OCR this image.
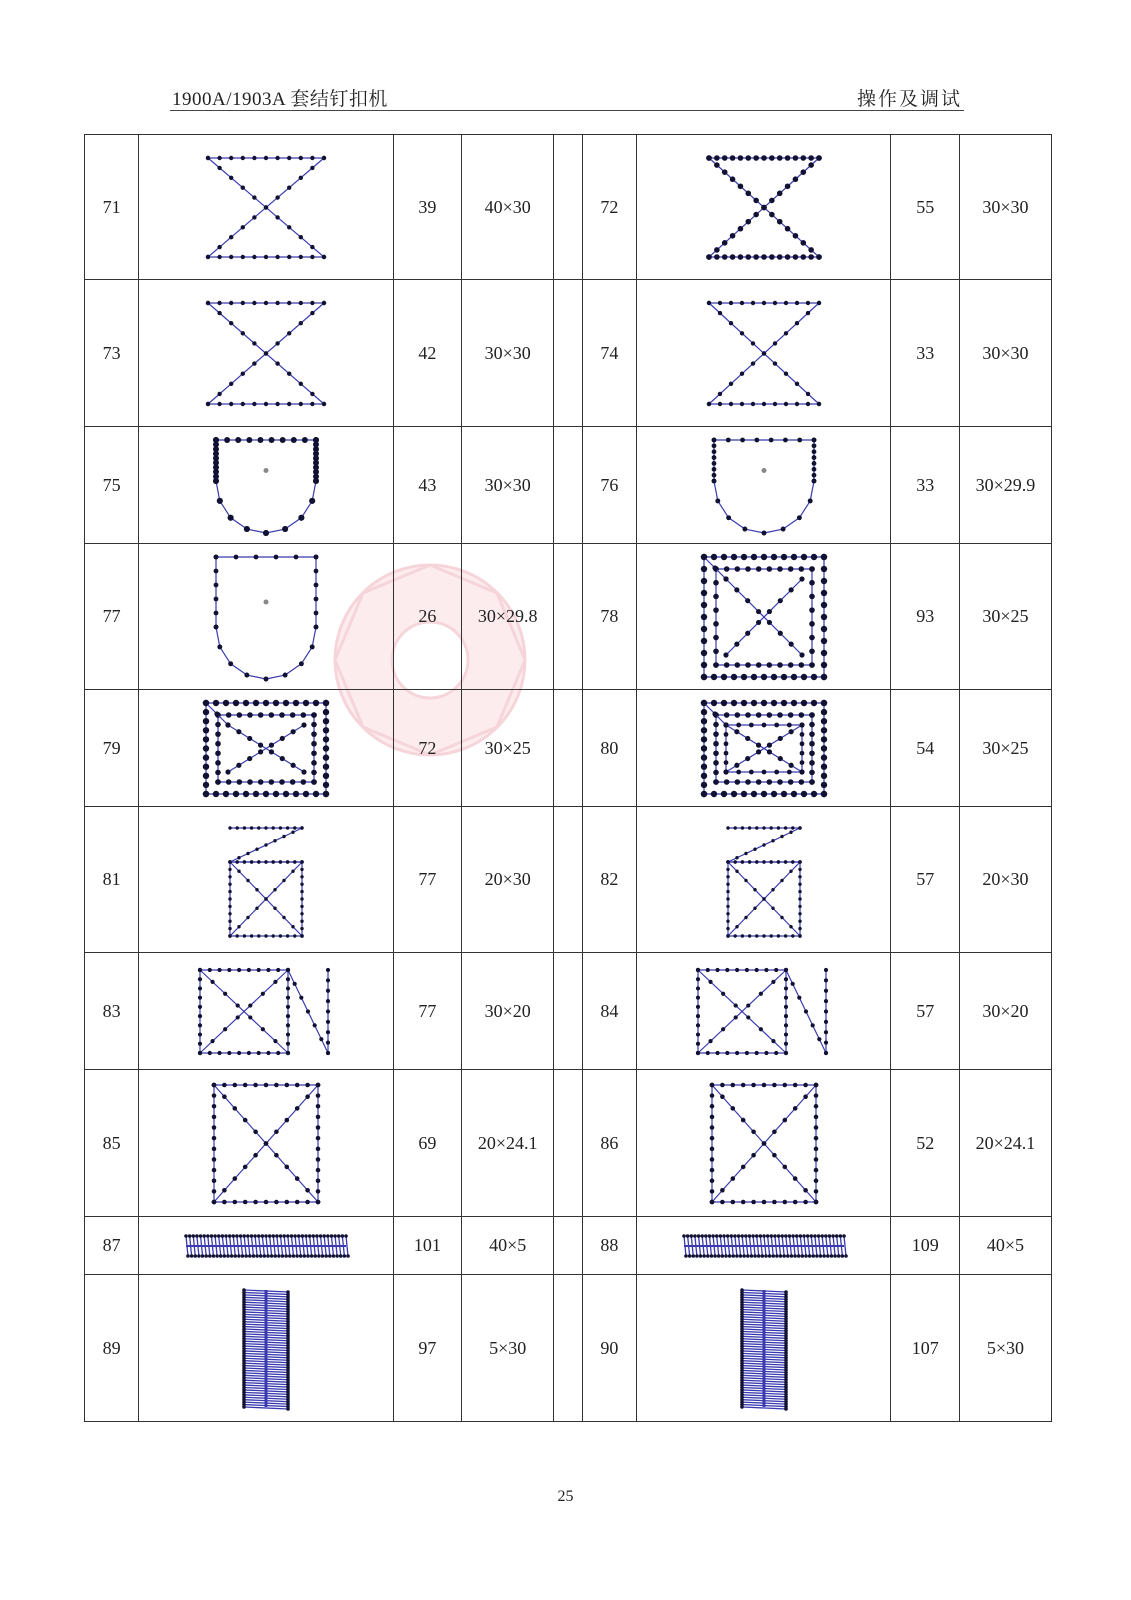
1900A/1903A 套结钉扣机	操作及调试
71		39	40×30		72		55	30×30
73		42	30×30		74		33	30×30
75		43	30×30		76		33	30×29.9
77		26	30×29.8		78		93	30×25
79		72	30×25		80		54	30×25
81		77	20×30		82		57	20×30
83		77	30×20		84		57	30×20
85		69	20×24.1		86		52	20×24.1
87		101	40×5		88		109	40×5
89		97	5×30		90		107	5×30
25
